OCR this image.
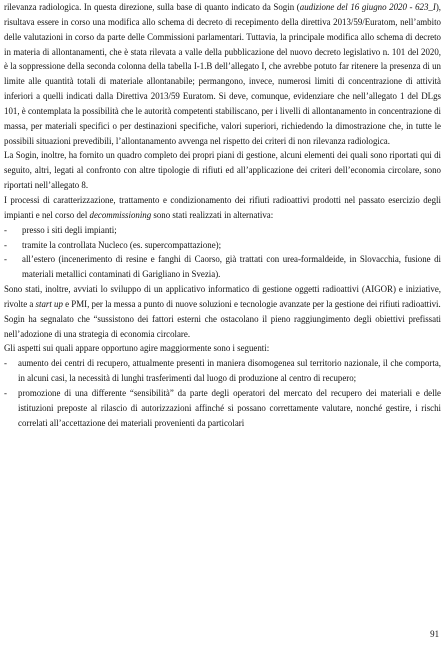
rilevanza radiologica. In questa direzione, sulla base di quanto indicato da Sogin (audizione del 16 giugno 2020 - 623_I), risultava essere in corso una modifica allo schema di decreto di recepimento della direttiva 2013/59/Euratom, nell’ambito delle valutazioni in corso da parte delle Commissioni parlamentari. Tuttavia, la principale modifica allo schema di decreto in materia di allontanamenti, che è stata rilevata a valle della pubblicazione del nuovo decreto legislativo n. 101 del 2020, è la soppressione della seconda colonna della tabella I-1.B dell’allegato I, che avrebbe potuto far ritenere la presenza di un limite alle quantità totali di materiale allontanabile; permangono, invece, numerosi limiti di concentrazione di attività inferiori a quelli indicati dalla Direttiva 2013/59 Euratom. Si deve, comunque, evidenziare che nell’allegato 1 del DLgs 101, è contemplata la possibilità che le autorità competenti stabiliscano, per i livelli di allontanamento in concentrazione di massa, per materiali specifici o per destinazioni specifiche, valori superiori, richiedendo la dimostrazione che, in tutte le possibili situazioni prevedibili, l’allontanamento avvenga nel rispetto dei criteri di non rilevanza radiologica.

La Sogin, inoltre, ha fornito un quadro completo dei propri piani di gestione, alcuni elementi dei quali sono riportati qui di seguito, altri, legati al confronto con altre tipologie di rifiuti ed all’applicazione dei criteri dell’economia circolare, sono riportati nell’allegato 8.

I processi di caratterizzazione, trattamento e condizionamento dei rifiuti radioattivi prodotti nel passato esercizio degli impianti e nel corso del decommissioning sono stati realizzati in alternativa:

- presso i siti degli impianti;
- tramite la controllata Nucleco (es. supercompattazione);
- all’estero (incenerimento di resine e fanghi di Caorso, già trattati con urea-formaldeide, in Slovacchia, fusione di materiali metallici contaminati di Garigliano in Svezia).

Sono stati, inoltre, avviati lo sviluppo di un applicativo informatico di gestione oggetti radioattivi (AIGOR) e iniziative, rivolte a start up e PMI, per la messa a punto di nuove soluzioni e tecnologie avanzate per la gestione dei rifiuti radioattivi.

Sogin ha segnalato che “sussistono dei fattori esterni che ostacolano il pieno raggiungimento degli obiettivi prefissati nell’adozione di una strategia di economia circolare.

Gli aspetti sui quali appare opportuno agire maggiormente sono i seguenti:

- aumento dei centri di recupero, attualmente presenti in maniera disomogenea sul territorio nazionale, il che comporta, in alcuni casi, la necessità di lunghi trasferimenti dal luogo di produzione al centro di recupero;
- promozione di una differente “sensibilità” da parte degli operatori del mercato del recupero dei materiali e delle istituzioni preposte al rilascio di autorizzazioni affinché si possano correttamente valutare, nonché gestire, i rischi correlati all’accettazione dei materiali provenienti da particolari
91
